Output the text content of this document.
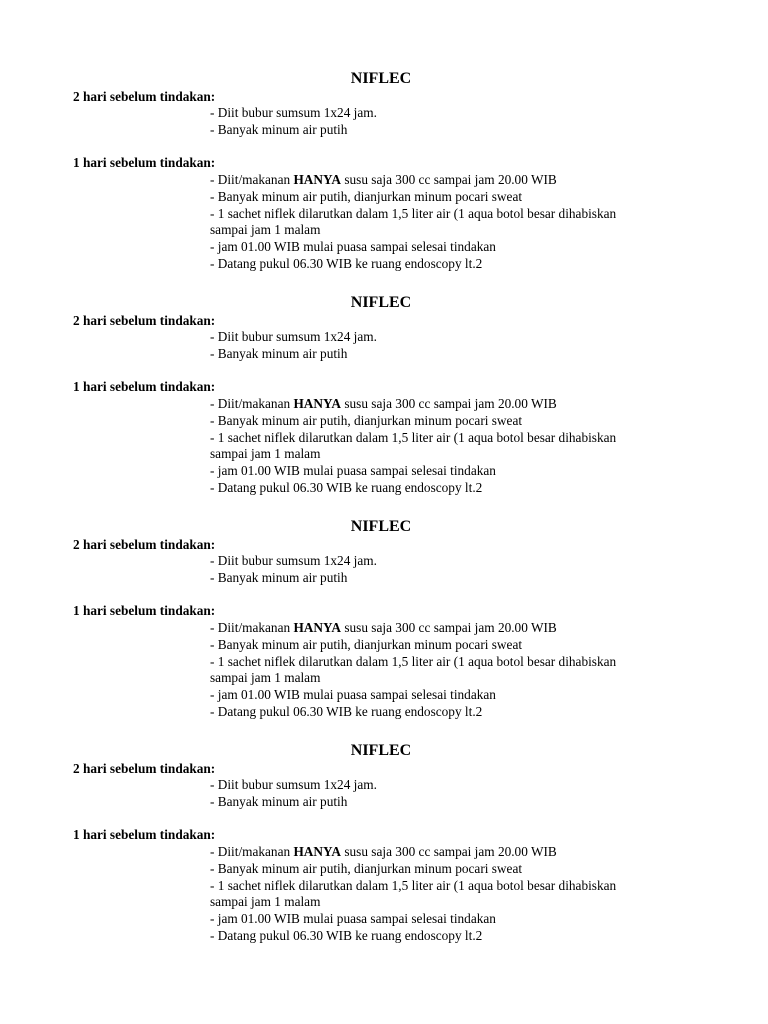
NIFLEC
2 hari sebelum tindakan:
- Diit bubur sumsum 1x24 jam.
- Banyak minum air putih
1 hari sebelum tindakan:
- Diit/makanan HANYA susu saja 300 cc sampai jam 20.00 WIB
- Banyak minum air putih, dianjurkan minum pocari sweat
- 1 sachet niflek dilarutkan dalam 1,5 liter air (1 aqua botol besar dihabiskan
sampai jam 1 malam
- jam 01.00 WIB mulai puasa sampai selesai tindakan
- Datang pukul 06.30 WIB ke ruang endoscopy lt.2
NIFLEC
2 hari sebelum tindakan:
- Diit bubur sumsum 1x24 jam.
- Banyak minum air putih
1 hari sebelum tindakan:
- Diit/makanan HANYA susu saja 300 cc sampai jam 20.00 WIB
- Banyak minum air putih, dianjurkan minum pocari sweat
- 1 sachet niflek dilarutkan dalam 1,5 liter air (1 aqua botol besar dihabiskan
sampai jam 1 malam
- jam 01.00 WIB mulai puasa sampai selesai tindakan
- Datang pukul 06.30 WIB ke ruang endoscopy lt.2
NIFLEC
2 hari sebelum tindakan:
- Diit bubur sumsum 1x24 jam.
- Banyak minum air putih
1 hari sebelum tindakan:
- Diit/makanan HANYA susu saja 300 cc sampai jam 20.00 WIB
- Banyak minum air putih, dianjurkan minum pocari sweat
- 1 sachet niflek dilarutkan dalam 1,5 liter air (1 aqua botol besar dihabiskan
sampai jam 1 malam
- jam 01.00 WIB mulai puasa sampai selesai tindakan
- Datang pukul 06.30 WIB ke ruang endoscopy lt.2
NIFLEC
2 hari sebelum tindakan:
- Diit bubur sumsum 1x24 jam.
- Banyak minum air putih
1 hari sebelum tindakan:
- Diit/makanan HANYA susu saja 300 cc sampai jam 20.00 WIB
- Banyak minum air putih, dianjurkan minum pocari sweat
- 1 sachet niflek dilarutkan dalam 1,5 liter air (1 aqua botol besar dihabiskan
sampai jam 1 malam
- jam 01.00 WIB mulai puasa sampai selesai tindakan
- Datang pukul 06.30 WIB ke ruang endoscopy lt.2
